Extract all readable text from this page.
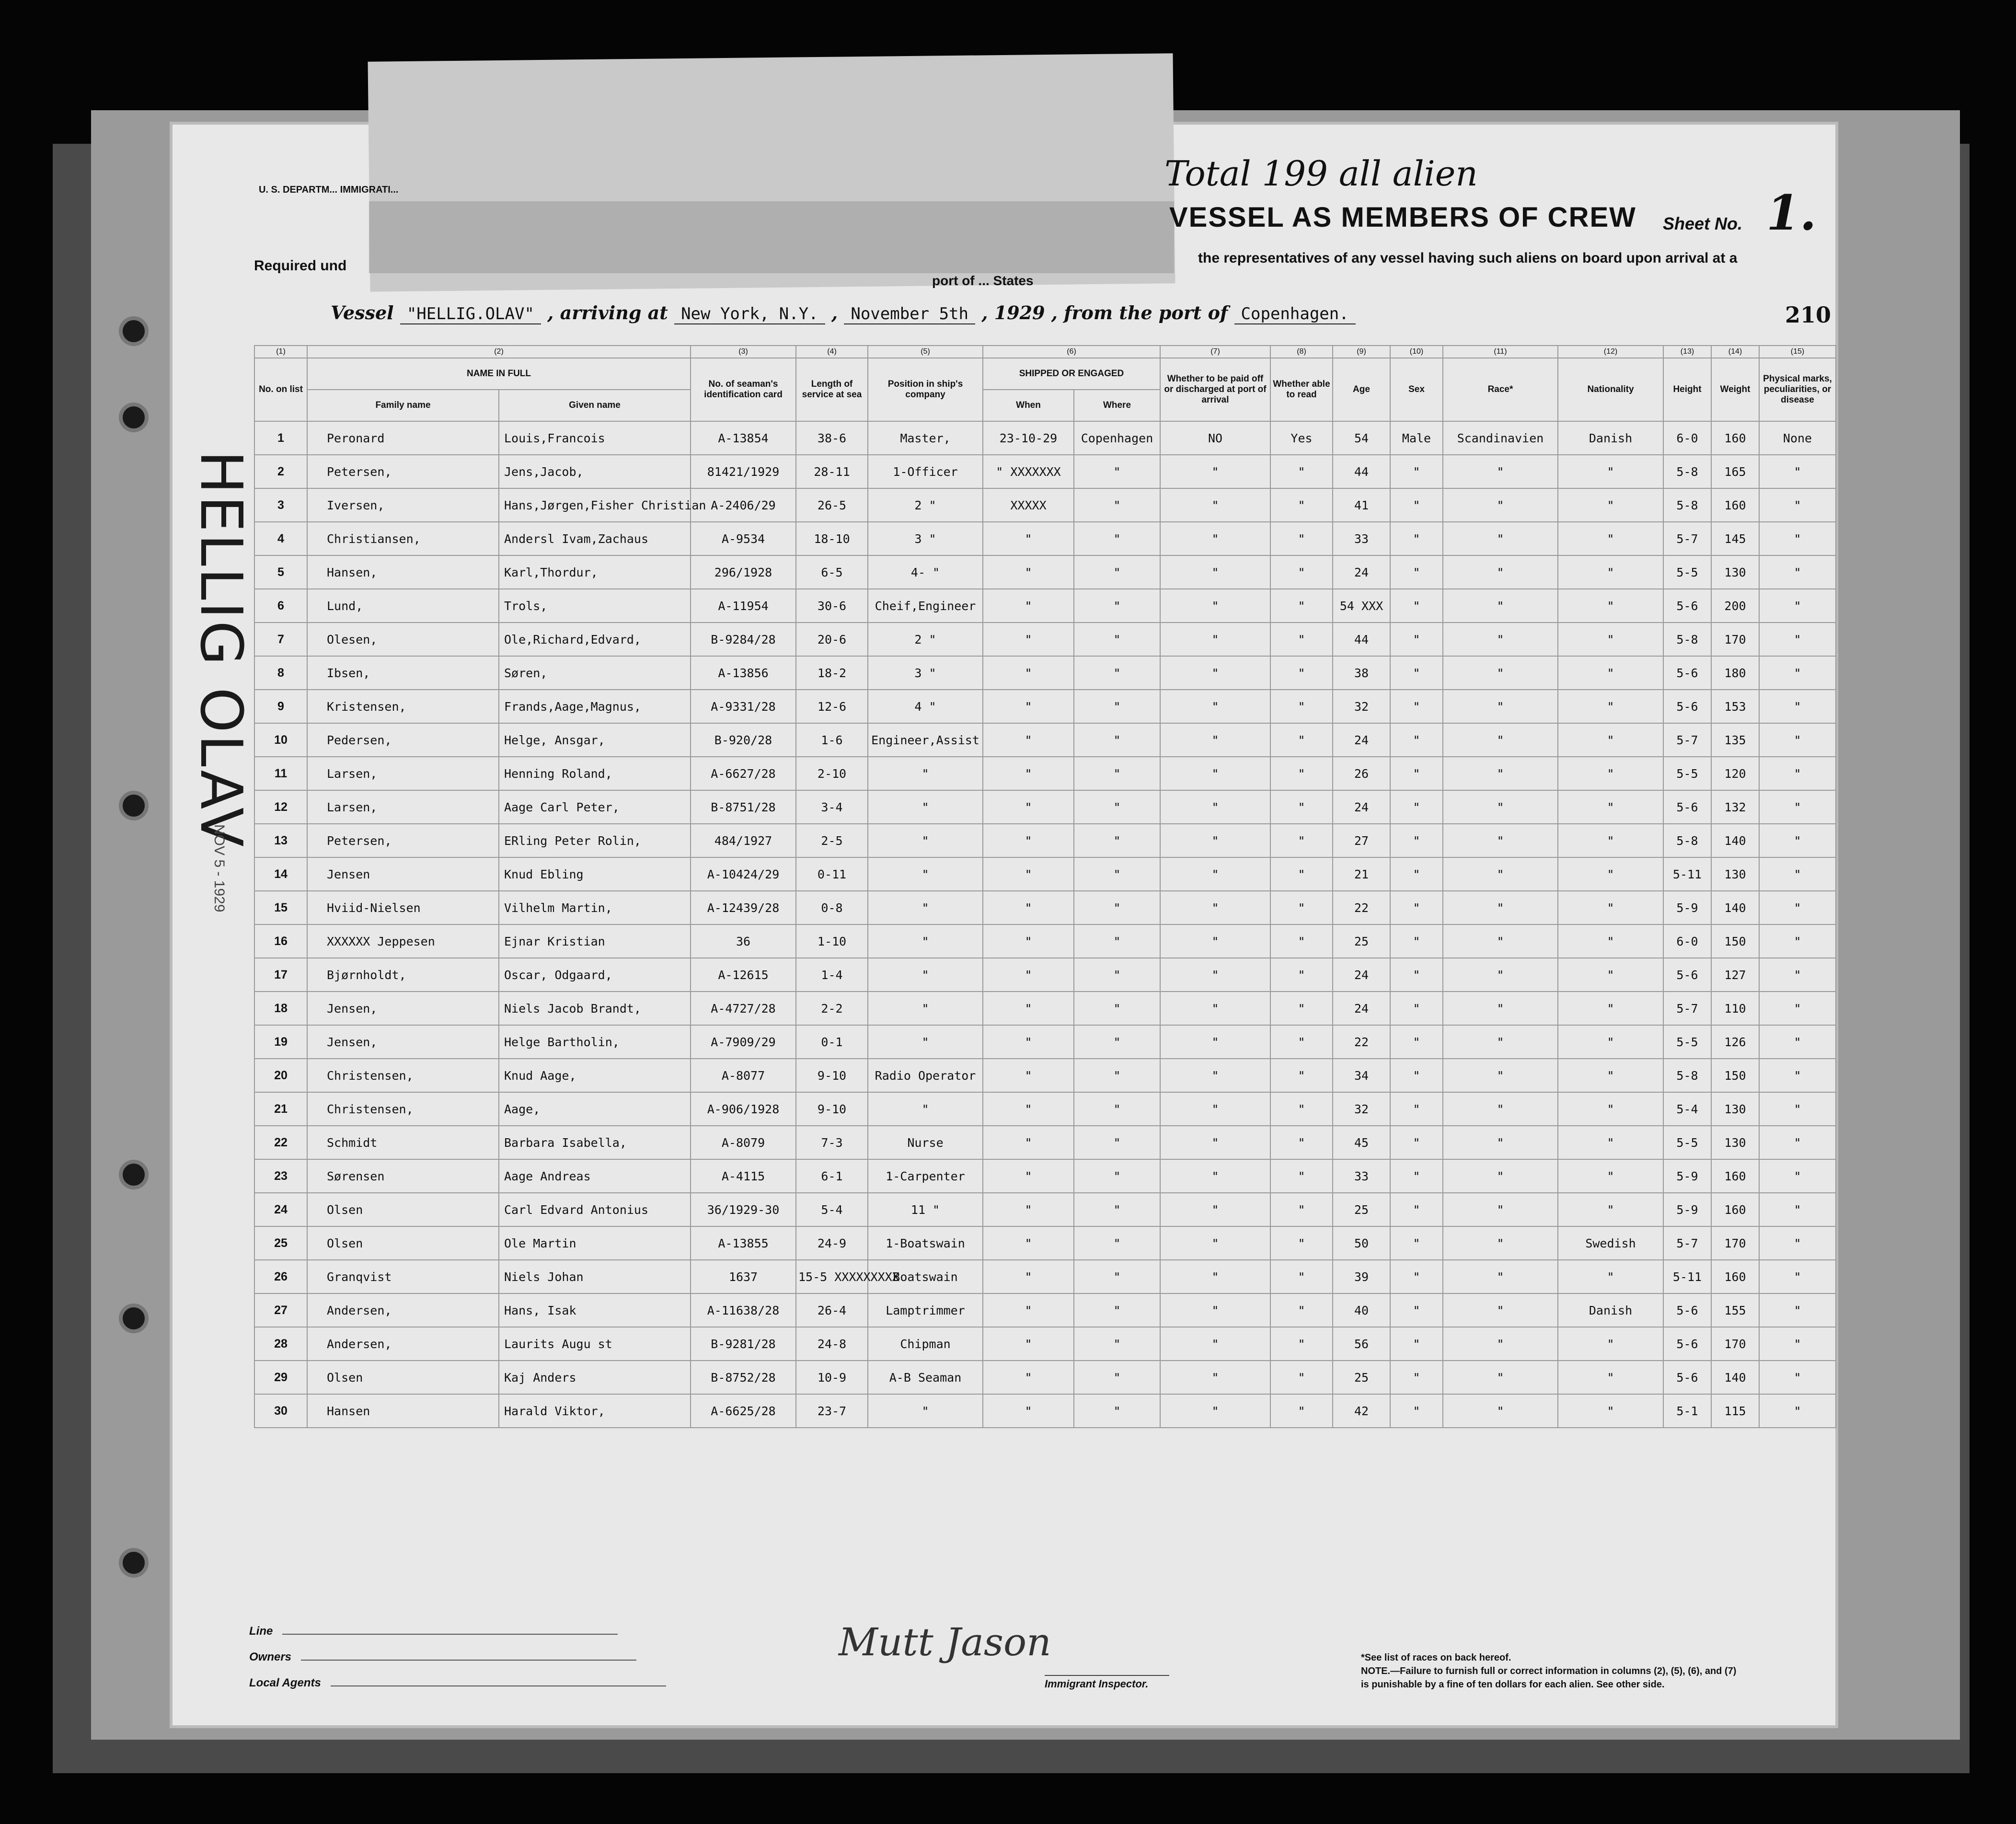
U. S. DEPARTM... IMMIGRATI...	Total 199 all alien
Sheet No. 1.
VESSEL AS MEMBERS OF CREW
Required und	the representatives of any vessel having such aliens on board upon arrival at a
port of ... States
Vessel "HELLIG.OLAV" , arriving at New York, N.Y. , November 5th , 1929 , from the port of Copenhagen.	210
HELLIG OLAV
NOV 5 - 1929
(1)	(2)		(3)	(4)	(5)	(6)		(7)	(8)	(9)	(10)	(11)	(12)	(13)	(14)	(15)
No. on list	NAME IN FULL		No. of seaman's identification card	Length of service at sea	Position in ship's company	SHIPPED OR ENGAGED		Whether to be paid off or discharged at port of arrival	Whether able to read	Age	Sex	Race*	Nationality	Height	Weight	Physical marks, peculiarities, or disease
	Family name	Given name				When	Where									
1	Peronard	Louis,Francois	A-13854	38-6	Master,	23-10-29	Copenhagen	NO	Yes	54	Male	Scandinavien	Danish	6-0	160	None
2	Petersen,	Jens,Jacob,	81421/1929	28-11	1-Officer	" XXXXXXX	"	"	"	44	"	"	"	5-8	165	"
3	Iversen,	Hans,Jørgen,Fisher Christian	A-2406/29	26-5	2 "	XXXXX	"	"	"	41	"	"	"	5-8	160	"
4	Christiansen,	Andersl Ivam,Zachaus	A-9534	18-10	3 "	"	"	"	"	33	"	"	"	5-7	145	"
5	Hansen,	Karl,Thordur,	296/1928	6-5	4- "	"	"	"	"	24	"	"	"	5-5	130	"
6	Lund,	Trols,	A-11954	30-6	Cheif,Engineer	"	"	"	"	54 XXX	"	"	"	5-6	200	"
7	Olesen,	Ole,Richard,Edvard,	B-9284/28	20-6	2 "	"	"	"	"	44	"	"	"	5-8	170	"
8	Ibsen,	Søren,	A-13856	18-2	3 "	"	"	"	"	38	"	"	"	5-6	180	"
9	Kristensen,	Frands,Aage,Magnus,	A-9331/28	12-6	4 "	"	"	"	"	32	"	"	"	5-6	153	"
10	Pedersen,	Helge, Ansgar,	B-920/28	1-6	Engineer,Assist	"	"	"	"	24	"	"	"	5-7	135	"
11	Larsen,	Henning Roland,	A-6627/28	2-10	"	"	"	"	"	26	"	"	"	5-5	120	"
12	Larsen,	Aage Carl Peter,	B-8751/28	3-4	"	"	"	"	"	24	"	"	"	5-6	132	"
13	Petersen,	ERling Peter Rolin,	484/1927	2-5	"	"	"	"	"	27	"	"	"	5-8	140	"
14	Jensen	Knud Ebling	A-10424/29	0-11	"	"	"	"	"	21	"	"	"	5-11	130	"
15	Hviid-Nielsen	Vilhelm Martin,	A-12439/28	0-8	"	"	"	"	"	22	"	"	"	5-9	140	"
16	XXXXXX Jeppesen	Ejnar Kristian	36	1-10	"	"	"	"	"	25	"	"	"	6-0	150	"
17	Bjørnholdt,	Oscar, Odgaard,	A-12615	1-4	"	"	"	"	"	24	"	"	"	5-6	127	"
18	Jensen,	Niels Jacob Brandt,	A-4727/28	2-2	"	"	"	"	"	24	"	"	"	5-7	110	"
19	Jensen,	Helge Bartholin,	A-7909/29	0-1	"	"	"	"	"	22	"	"	"	5-5	126	"
20	Christensen,	Knud Aage,	A-8077	9-10	Radio Operator	"	"	"	"	34	"	"	"	5-8	150	"
21	Christensen,	Aage,	A-906/1928	9-10	"	"	"	"	"	32	"	"	"	5-4	130	"
22	Schmidt	Barbara Isabella,	A-8079	7-3	Nurse	"	"	"	"	45	"	"	"	5-5	130	"
23	Sørensen	Aage Andreas	A-4115	6-1	1-Carpenter	"	"	"	"	33	"	"	"	5-9	160	"
24	Olsen	Carl Edvard Antonius	36/1929-30	5-4	11 "	"	"	"	"	25	"	"	"	5-9	160	"
25	Olsen	Ole Martin	A-13855	24-9	1-Boatswain	"	"	"	"	50	"	"	Swedish	5-7	170	"
26	Granqvist	Niels Johan	1637	15-5 XXXXXXXXX	Boatswain	"	"	"	"	39	"	"	"	5-11	160	"
27	Andersen,	Hans, Isak	A-11638/28	26-4	Lamptrimmer	"	"	"	"	40	"	"	Danish	5-6	155	"
28	Andersen,	Laurits Augu st	B-9281/28	24-8	Chipman	"	"	"	"	56	"	"	"	5-6	170	"
29	Olsen	Kaj Anders	B-8752/28	10-9	A-B Seaman	"	"	"	"	25	"	"	"	5-6	140	"
30	Hansen	Harald Viktor,	A-6625/28	23-7	"	"	"	"	"	42	"	"	"	5-1	115	"
Line
Owners
Local Agents
Mutt Jason
Immigrant Inspector.
*See list of races on back hereof.
NOTE.—Failure to furnish full or correct information in columns (2), (5), (6), and (7)
is punishable by a fine of ten dollars for each alien. See other side.
